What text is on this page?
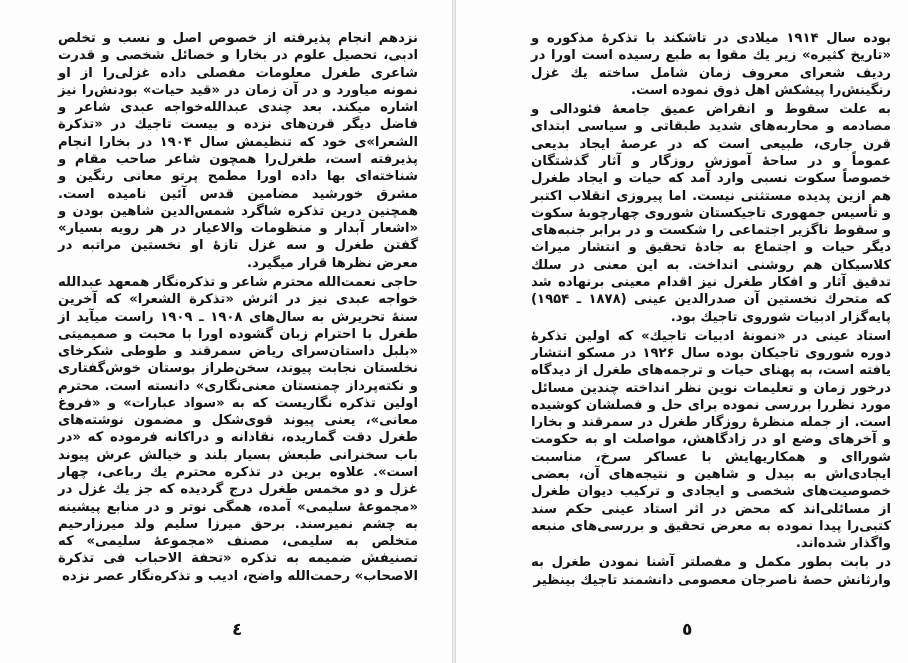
نزدهم انجام پذیرفته از خصوص اصل و نسب و تخلص ادبی، تحصیل علوم در بخارا و خصائل شخصی و قدرت شاعری طغرل معلومات مفصلی داده غزلی‌را از او نمونه میاورد و در آن زمان در «قید حیات» بودنش‌را نیز اشاره میکند. بعد چندی عبدالله‌خواجه عبدی شاعر و فاضل دیگر قرن‌های نزده و بیست تاجیك در «تذکرة الشعرا»ی خود که تنظیمش سال ۱۹۰۴ در بخارا انجام پذیرفته است، طغرل‌را همچون شاعر صاحب مقام و شناخته‌ای بها داده اورا مطمح پرتو معانی رنگین و مشرق خورشید مضامین قدس آئین نامیده است. همچنین درین تذکره شاگرد شمس‌الدین شاهین بودن و «اشعار آبدار و منظومات والاعیار در هر رویه بسیار» گفتن طغرل و سه غزل تازهٔ او نخستین مراتبه در معرض نظرها قرار میگیرد.

حاجی نعمت‌الله محترم شاعر و تذکره‌نگار همعهد عبدالله خواجه عبدی نیز در اثرش «تذکرة الشعرا» که آخرین سنهٔ تحریرش به سال‌های ۱۹۰۸ ـ ۱۹۰۹ راست میآید از طغرل با احترام زبان گشوده اورا با محبت و صمیمیتی «بلبل داستان‌سرای ریاض سمرقند و طوطی شکرخای نخلستان نجابت پیوند، سخن‌طراز بوستان خوش‌گفتاری و نکته‌پرداز چمنستان معنی‌نگاری» دانسته است. محترم اولین تذکره نگاریست که به «سواد عبارات» و «فروغ معانی»، یعنی پیوند قوی‌شکل و مضمون نوشته‌های طغرل دقت گماریده، نقادانه و دراکانه فرموده که «در باب سخنرانی طبعش بسیار بلند و خیالش عرش پیوند است». علاوه برین در تذکره محترم یك رباعی، چهار غزل و دو مخمس طغرل درج گردیده که جز یك غزل در «مجموعهٔ سلیمی» آمده، همگی نوتر و در منابع پیشینه به چشم نمیرسند. برحق میرزا سلیم ولد میرزارحیم متخلص به سلیمی، مصنف «مجموعهٔ سلیمی» که تصنیفش ضمیمه به تذکره «تحفة الاحباب فی تذکرة الاصحاب» رحمت‌الله واضح، ادیب و تذکره‌نگار عصر نزده

٤

بوده سال ۱۹۱۴ میلادی در تاشکند با تذکرهٔ مذکوره و «تاریخ کثیره» زیر یك مقوا به طبع رسیده است اورا در ردیف شعرای معروف زمان شامل ساخته یك غزل رنگینش‌را پیشکش اهل ذوق نموده است.

به علت سقوط و انقراض عمیق جامعهٔ فئودالی و مصادمه و محاربه‌های شدید طبقاتی و سیاسی ابتدای قرن جاری، طبیعی است که در عرصهٔ ایجاد بدیعی عموماً و در ساحهٔ آموزش روزگار و آثار گذشتگان خصوصاً سکوت نسبی وارد آمد که حیات و ایجاد طغرل هم ازین پدیده مستثنی نیست. اما پیروزی انقلاب اکتبر و تأسیس جمهوری تاجیکستان شوروی چهارچوبهٔ سکوت و سقوط ناگزیر اجتماعی را شکست و در برابر جنبه‌های دیگر حیات و اجتماع به جادهٔ تحقیق و انتشار میراث کلاسیکان هم روشنی انداخت. به این معنی در سلك تدقیق آثار و افکار طغرل نیز اقدام معینی برنهاده شد که متحرك نخستین آن صدرالدین عینی (۱۸۷۸ ـ ۱۹۵۴) پایه‌گزار ادبیات شوروی تاجیك بود.

استاد عینی در «نمونهٔ ادبیات تاجیك» که اولین تذکرهٔ دوره شوروی تاجیکان بوده سال ۱۹۲۶ در مسکو انتشار یافته است، به پهنای حیات و ترجمه‌های طغرل از دیدگاه درخور زمان و تعلیمات نوین نظر انداخته چندین مسائل مورد نظررا بررسی نموده برای حل و فصلشان کوشیده است. از جمله منظرهٔ روزگار طغرل در سمرقند و بخارا و آخرهای وضع او در زادگاهش، مواصلت او به حکومت شوراای و همکاریهایش با عساکر سرخ، مناسبت ایجادی‌اش به بیدل و شاهین و نتیجه‌های آن، بعضی خصوصیت‌های شخصی و ایجادی و ترکیب دیوان طغرل از مسائلی‌اند که محض در اثر استاد عینی حکم سند کتبی‌را پیدا نموده به معرض تحقیق و بررسی‌های منبعه واگذار شده‌اند.

در بابت بطور مکمل و مفصلتر آشنا نمودن طغرل به وارثانش حصهٔ ناصرجان معصومی دانشمند تاجیك بینظیر

٥
